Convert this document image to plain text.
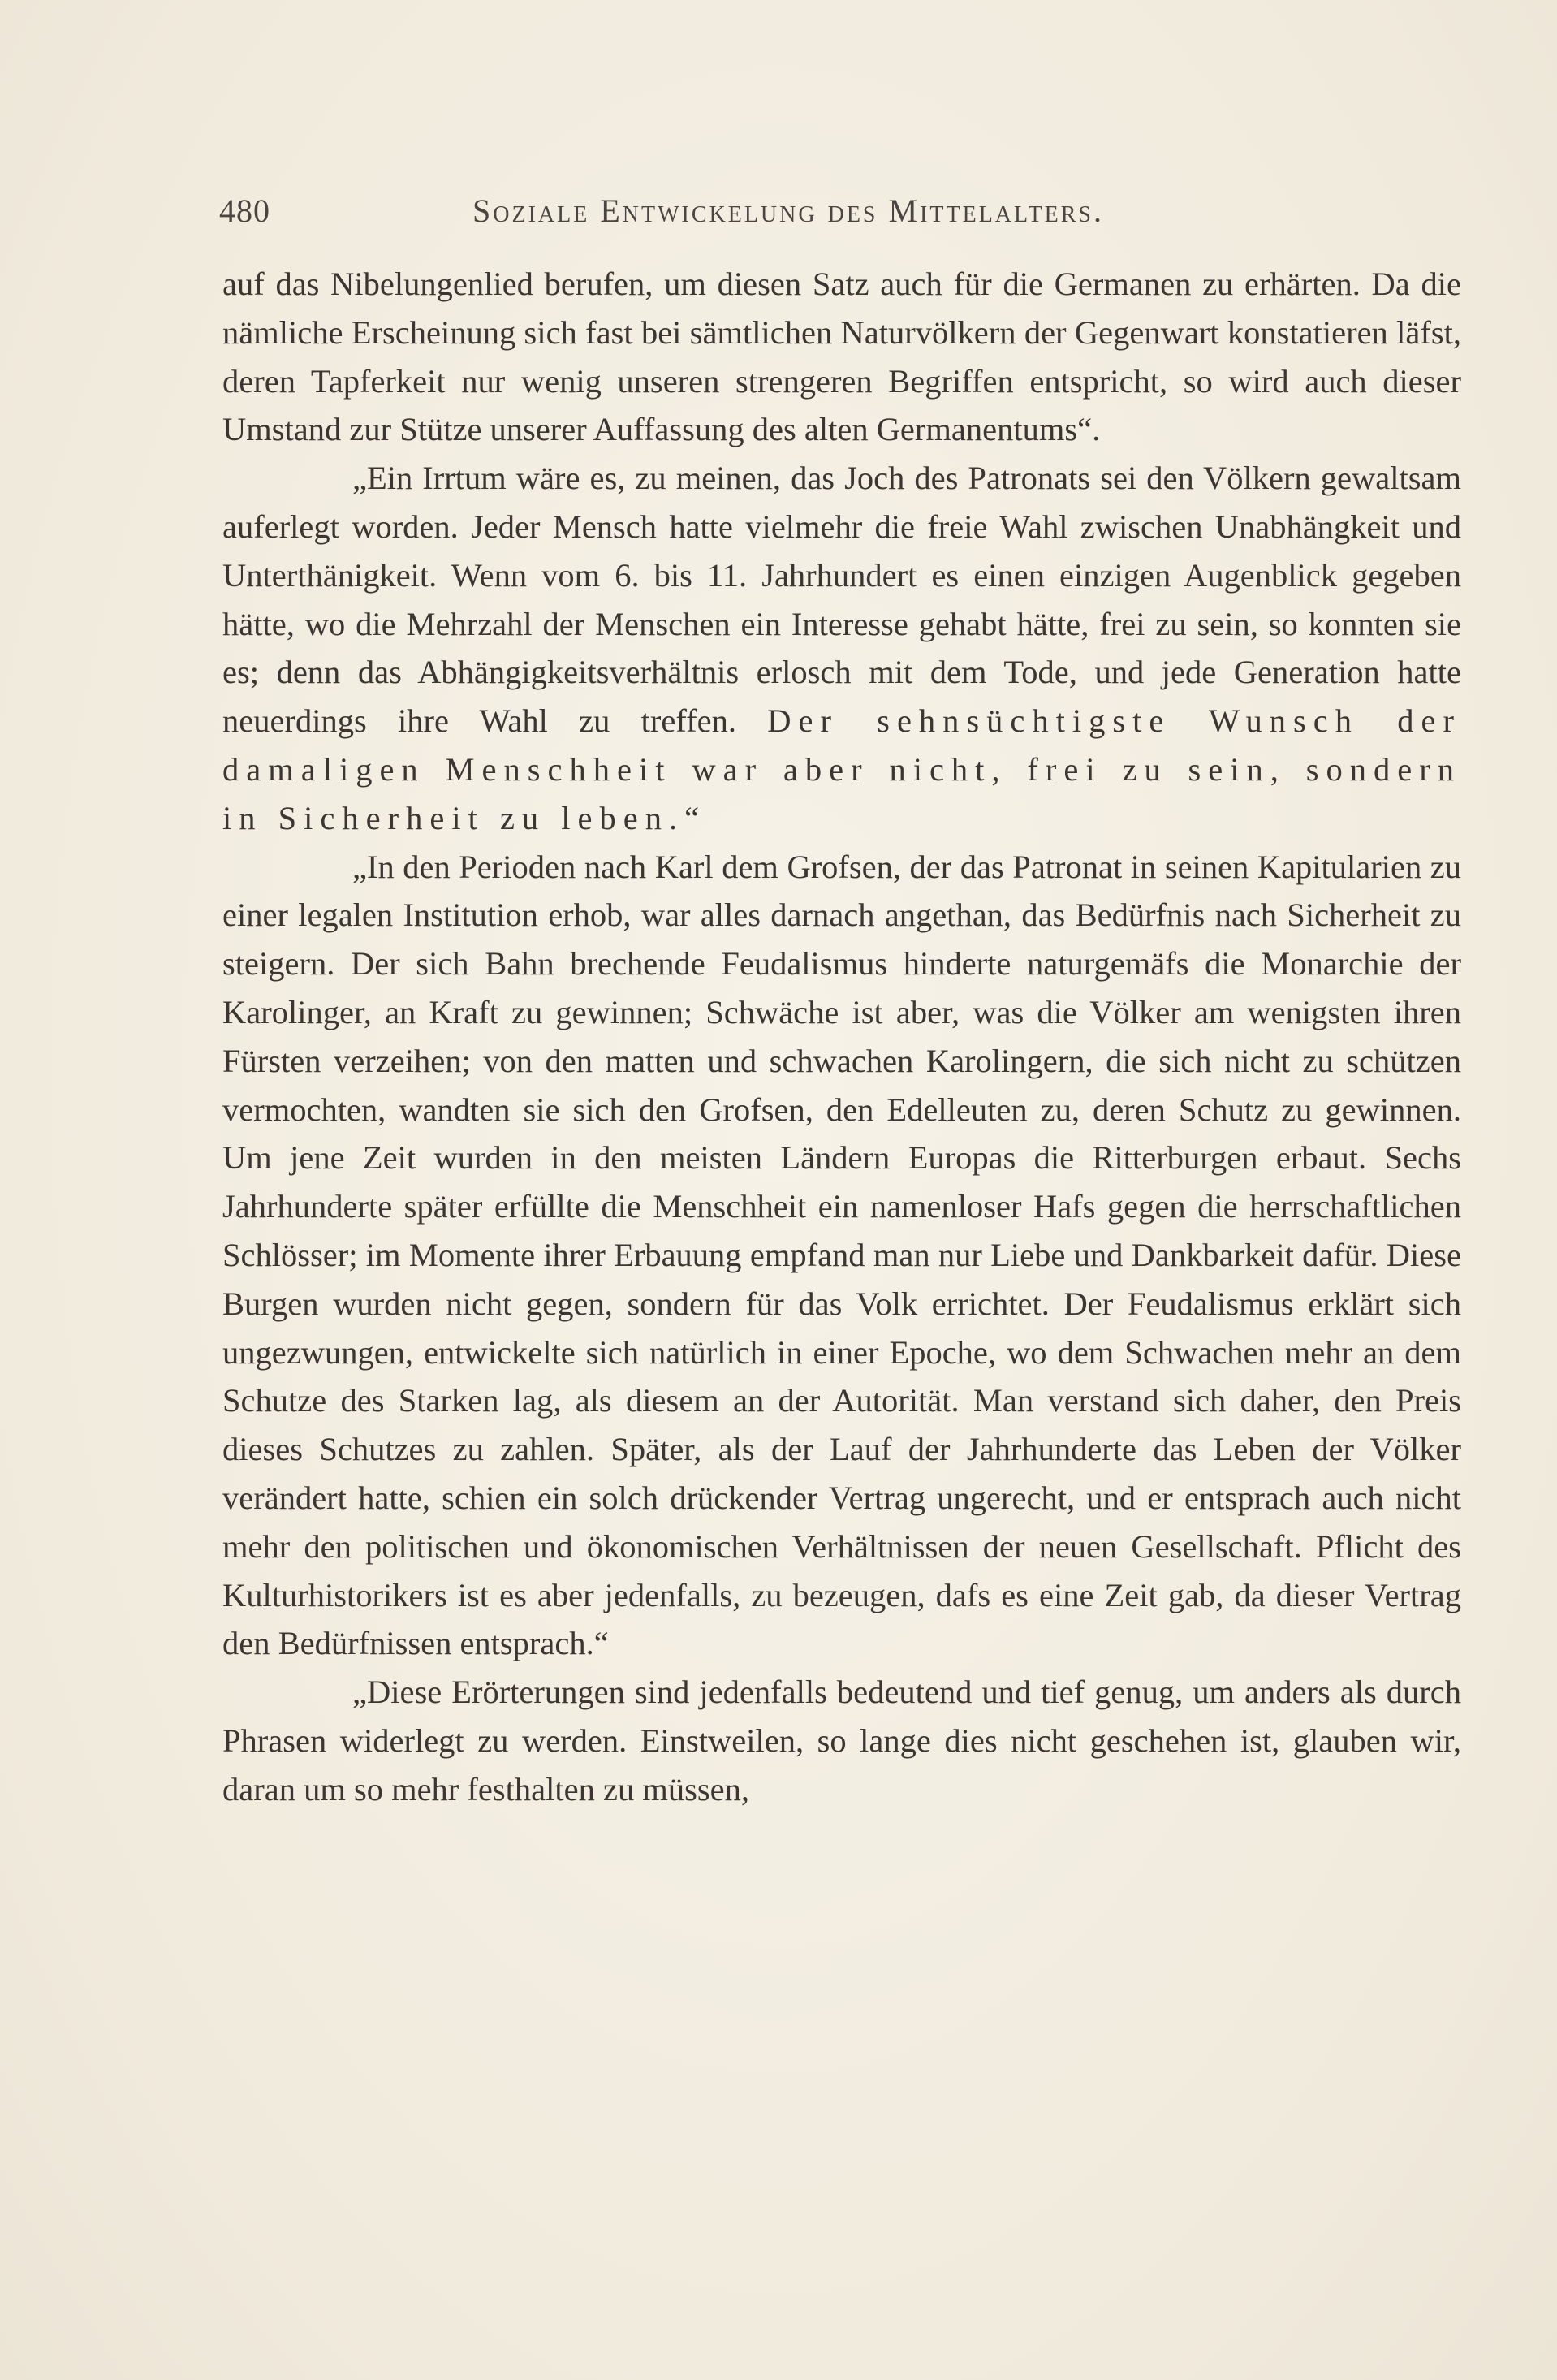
480	Soziale Entwickelung des Mittelalters.

auf das Nibelungenlied berufen, um diesen Satz auch für die Germanen zu erhärten. Da die nämliche Erscheinung sich fast bei sämtlichen Naturvölkern der Gegenwart konstatieren läfst, deren Tapferkeit nur wenig unseren strengeren Begriffen entspricht, so wird auch dieser Umstand zur Stütze unserer Auffassung des alten Germanentums“.

„Ein Irrtum wäre es, zu meinen, das Joch des Patronats sei den Völkern gewaltsam auferlegt worden. Jeder Mensch hatte vielmehr die freie Wahl zwischen Unabhängkeit und Unterthänigkeit. Wenn vom 6. bis 11. Jahrhundert es einen einzigen Augenblick gegeben hätte, wo die Mehrzahl der Menschen ein Interesse gehabt hätte, frei zu sein, so konnten sie es; denn das Abhängigkeitsverhältnis erlosch mit dem Tode, und jede Generation hatte neuerdings ihre Wahl zu treffen. Der sehnsüchtigste Wunsch der damaligen Menschheit war aber nicht, frei zu sein, sondern in Sicherheit zu leben.“

„In den Perioden nach Karl dem Grofsen, der das Patronat in seinen Kapitularien zu einer legalen Institution erhob, war alles darnach angethan, das Bedürfnis nach Sicherheit zu steigern. Der sich Bahn brechende Feudalismus hinderte naturgemäfs die Monarchie der Karolinger, an Kraft zu gewinnen; Schwäche ist aber, was die Völker am wenigsten ihren Fürsten verzeihen; von den matten und schwachen Karolingern, die sich nicht zu schützen vermochten, wandten sie sich den Grofsen, den Edelleuten zu, deren Schutz zu gewinnen. Um jene Zeit wurden in den meisten Ländern Europas die Ritterburgen erbaut. Sechs Jahrhunderte später erfüllte die Menschheit ein namenloser Hafs gegen die herrschaftlichen Schlösser; im Momente ihrer Erbauung empfand man nur Liebe und Dankbarkeit dafür. Diese Burgen wurden nicht gegen, sondern für das Volk errichtet. Der Feudalismus erklärt sich ungezwungen, entwickelte sich natürlich in einer Epoche, wo dem Schwachen mehr an dem Schutze des Starken lag, als diesem an der Autorität. Man verstand sich daher, den Preis dieses Schutzes zu zahlen. Später, als der Lauf der Jahrhunderte das Leben der Völker verändert hatte, schien ein solch drückender Vertrag ungerecht, und er entsprach auch nicht mehr den politischen und ökonomischen Verhältnissen der neuen Gesellschaft. Pflicht des Kulturhistorikers ist es aber jedenfalls, zu bezeugen, dafs es eine Zeit gab, da dieser Vertrag den Bedürfnissen entsprach.“

„Diese Erörterungen sind jedenfalls bedeutend und tief genug, um anders als durch Phrasen widerlegt zu werden. Einstweilen, so lange dies nicht geschehen ist, glauben wir, daran um so mehr festhalten zu müssen,
